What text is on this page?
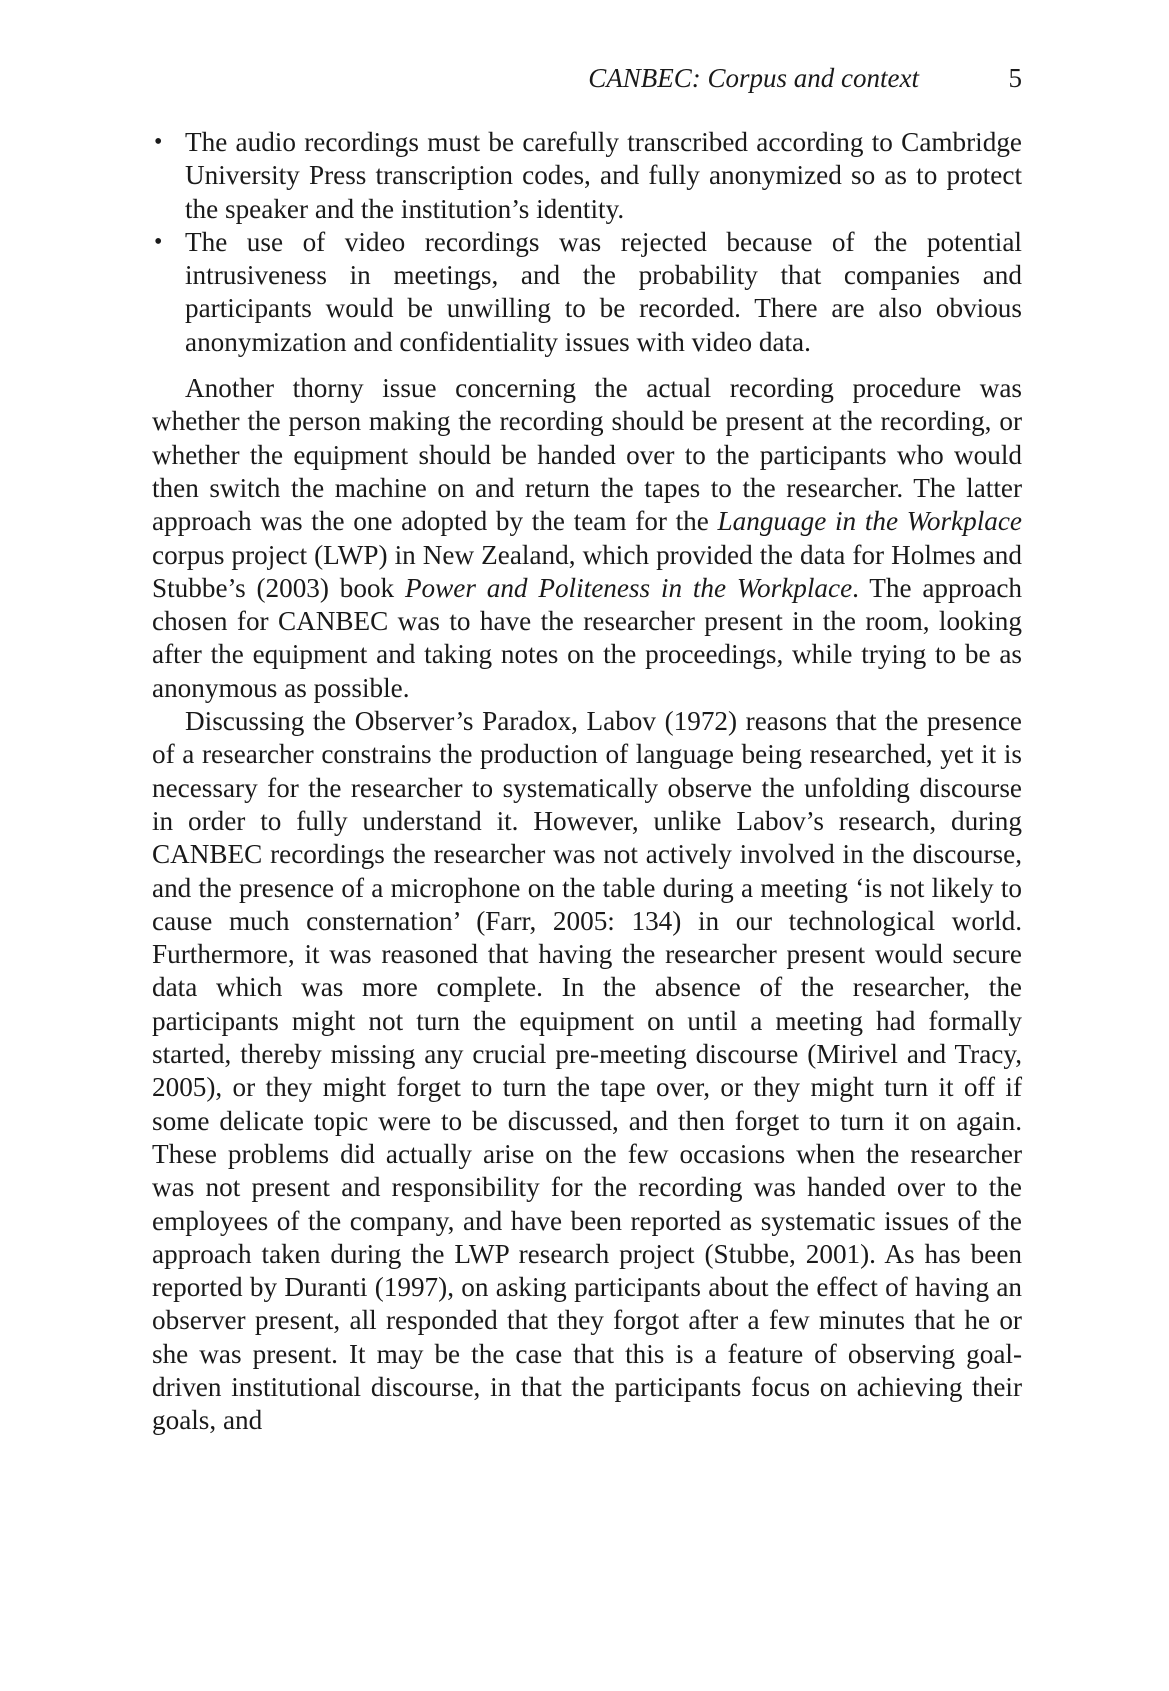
CANBEC: Corpus and context	5
• The audio recordings must be carefully transcribed according to Cambridge University Press transcription codes, and fully anonymized so as to protect the speaker and the institution’s identity.
• The use of video recordings was rejected because of the potential intrusiveness in meetings, and the probability that companies and participants would be unwilling to be recorded. There are also obvious anonymization and confidentiality issues with video data.

Another thorny issue concerning the actual recording procedure was whether the person making the recording should be present at the recording, or whether the equipment should be handed over to the participants who would then switch the machine on and return the tapes to the researcher. The latter approach was the one adopted by the team for the Language in the Workplace corpus project (LWP) in New Zealand, which provided the data for Holmes and Stubbe’s (2003) book Power and Politeness in the Workplace. The approach chosen for CANBEC was to have the researcher present in the room, looking after the equipment and taking notes on the proceedings, while trying to be as anonymous as possible.

Discussing the Observer’s Paradox, Labov (1972) reasons that the presence of a researcher constrains the production of language being researched, yet it is necessary for the researcher to systematically observe the unfolding discourse in order to fully understand it. However, unlike Labov’s research, during CANBEC recordings the researcher was not actively involved in the discourse, and the presence of a microphone on the table during a meeting ‘is not likely to cause much consternation’ (Farr, 2005: 134) in our technological world. Furthermore, it was reasoned that having the researcher present would secure data which was more complete. In the absence of the researcher, the participants might not turn the equipment on until a meeting had formally started, thereby missing any crucial pre-meeting discourse (Mirivel and Tracy, 2005), or they might forget to turn the tape over, or they might turn it off if some delicate topic were to be discussed, and then forget to turn it on again. These problems did actually arise on the few occasions when the researcher was not present and responsibility for the recording was handed over to the employees of the company, and have been reported as systematic issues of the approach taken during the LWP research project (Stubbe, 2001). As has been reported by Duranti (1997), on asking participants about the effect of having an observer present, all responded that they forgot after a few minutes that he or she was present. It may be the case that this is a feature of observing goal-driven institutional discourse, in that the participants focus on achieving their goals, and
